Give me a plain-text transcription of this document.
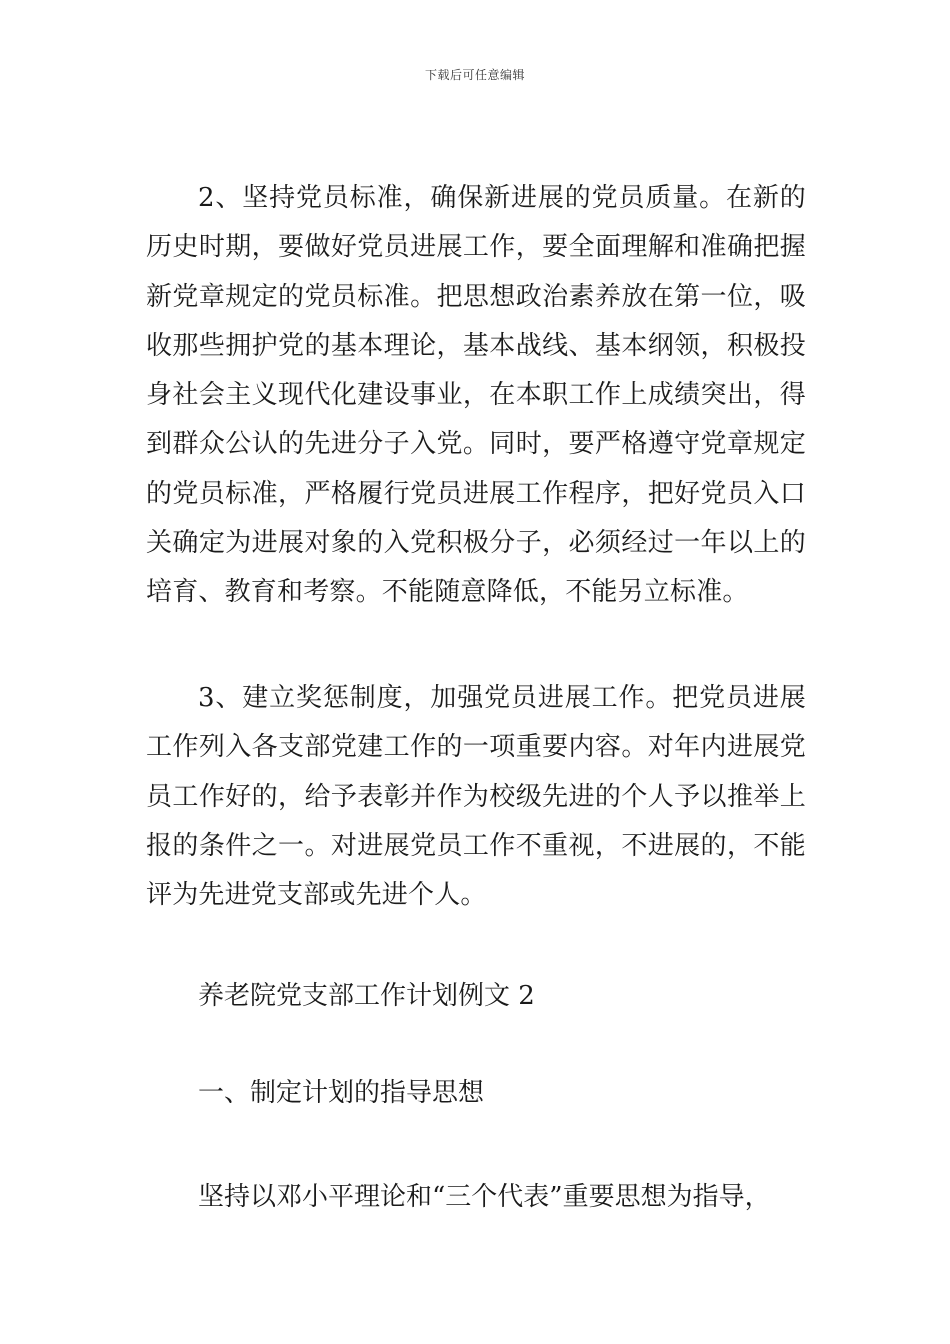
下载后可任意编辑

2、坚持党员标准，确保新进展的党员质量。在新的历史时期，要做好党员进展工作，要全面理解和准确把握新党章规定的党员标准。把思想政治素养放在第一位，吸收那些拥护党的基本理论，基本战线、基本纲领，积极投身社会主义现代化建设事业，在本职工作上成绩突出，得到群众公认的先进分子入党。同时，要严格遵守党章规定的党员标准，严格履行党员进展工作程序，把好党员入口关确定为进展对象的入党积极分子，必须经过一年以上的培育、教育和考察。不能随意降低，不能另立标准。

3、建立奖惩制度，加强党员进展工作。把党员进展工作列入各支部党建工作的一项重要内容。对年内进展党员工作好的，给予表彰并作为校级先进的个人予以推举上报的条件之一。对进展党员工作不重视，不进展的，不能评为先进党支部或先进个人。

养老院党支部工作计划例文 2

一、制定计划的指导思想

坚持以邓小平理论和“三个代表”重要思想为指导，
